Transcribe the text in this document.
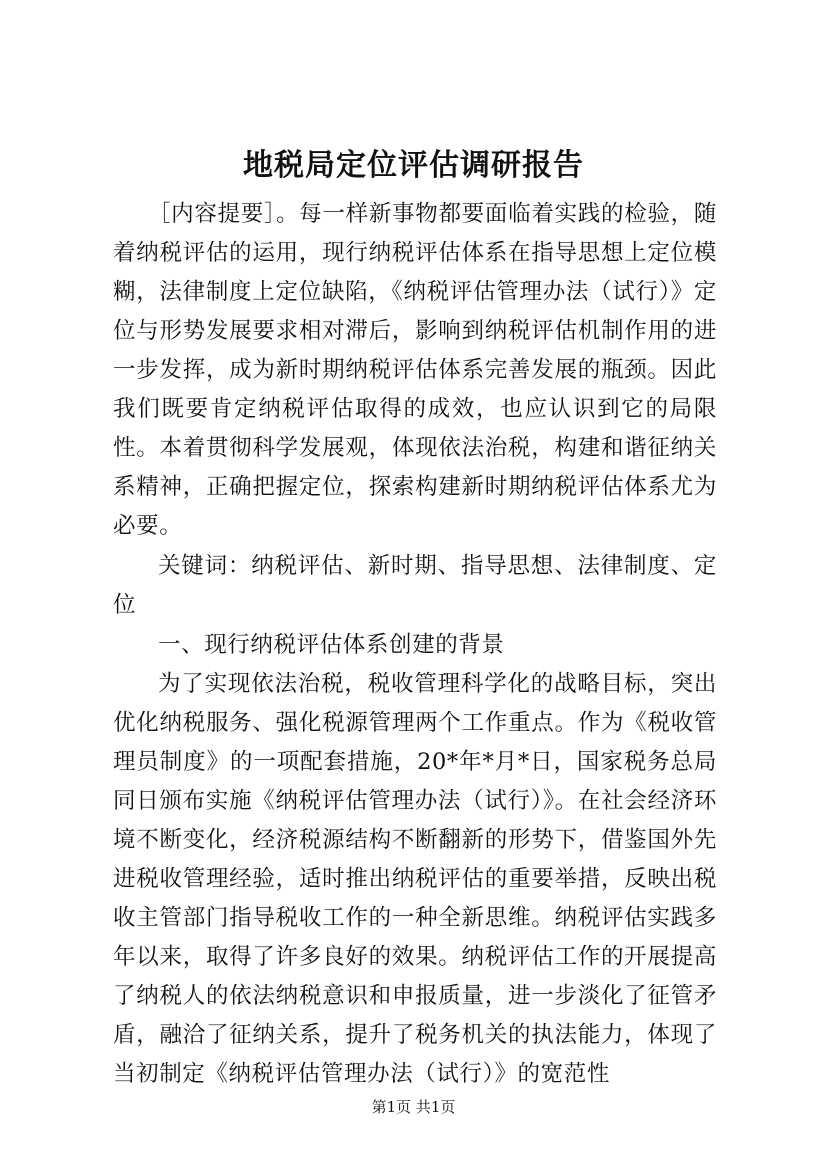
地税局定位评估调研报告

［内容提要］。每一样新事物都要面临着实践的检验，随着纳税评估的运用，现行纳税评估体系在指导思想上定位模糊，法律制度上定位缺陷，《纳税评估管理办法（试行）》定位与形势发展要求相对滞后，影响到纳税评估机制作用的进一步发挥，成为新时期纳税评估体系完善发展的瓶颈。因此我们既要肯定纳税评估取得的成效，也应认识到它的局限性。本着贯彻科学发展观，体现依法治税，构建和谐征纳关系精神，正确把握定位，探索构建新时期纳税评估体系尤为必要。

关键词：纳税评估、新时期、指导思想、法律制度、定位

一、现行纳税评估体系创建的背景

为了实现依法治税，税收管理科学化的战略目标，突出优化纳税服务、强化税源管理两个工作重点。作为《税收管理员制度》的一项配套措施，20*年*月*日，国家税务总局同日颁布实施《纳税评估管理办法（试行）》。在社会经济环境不断变化，经济税源结构不断翻新的形势下，借鉴国外先进税收管理经验，适时推出纳税评估的重要举措，反映出税收主管部门指导税收工作的一种全新思维。纳税评估实践多年以来，取得了许多良好的效果。纳税评估工作的开展提高了纳税人的依法纳税意识和申报质量，进一步淡化了征管矛盾，融洽了征纳关系，提升了税务机关的执法能力，体现了当初制定《纳税评估管理办法（试行）》的宽范性

第1页 共1页
